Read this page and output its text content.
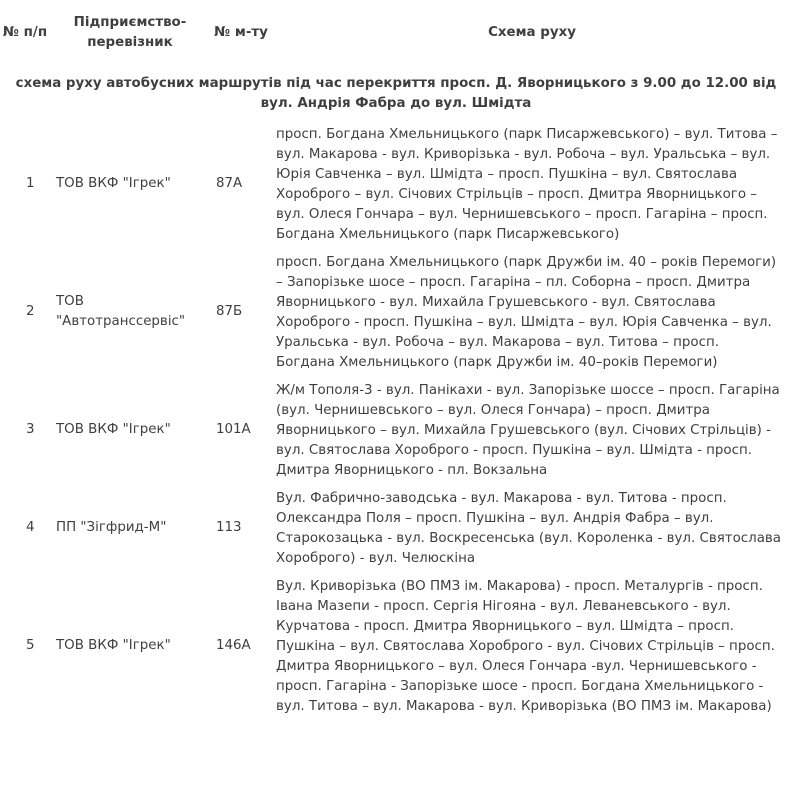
№ п/п	Підприємство-перевізник	№ м-ту	Схема руху
схема руху автобусних маршрутів під час перекриття просп. Д. Яворницького з 9.00 до 12.00 від вул. Андрія Фабра до вул. Шмідта			
1	ТОВ ВКФ "Ігрек"	87А	просп. Богдана Хмельницького (парк Писаржевського) – вул. Титова – вул. Макарова - вул. Криворізька - вул. Робоча – вул. Уральська – вул. Юрія Савченка – вул. Шмідта – просп. Пушкіна – вул. Святослава Хороброго – вул. Січових Стрільців – просп. Дмитра Яворницького – вул. Олеся Гончара – вул. Чернишевського – просп. Гагаріна – просп. Богдана Хмельницького (парк Писаржевського)
2	ТОВ "Автотранссервіс"	87Б	просп. Богдана Хмельницького (парк Дружби ім. 40 – років Перемоги) – Запорізьке шосе – просп. Гагаріна – пл. Соборна – просп. Дмитра Яворницького - вул. Михайла Грушевського - вул. Святослава Хороброго - просп. Пушкіна – вул. Шмідта – вул. Юрія Савченка – вул. Уральська - вул. Робоча – вул. Макарова – вул. Титова – просп. Богдана Хмельницького (парк Дружби ім. 40–років Перемоги)
3	ТОВ ВКФ "Ігрек"	101А	Ж/м Тополя-3 - вул. Панікахи - вул. Запорізьке шоссе – просп. Гагаріна (вул. Чернишевського – вул. Олеся Гончара) – просп. Дмитра Яворницького – вул. Михайла Грушевського (вул. Січових Стрільців) - вул. Святослава Хороброго - просп. Пушкіна – вул. Шмідта - просп. Дмитра Яворницького - пл. Вокзальна
4	ПП "Зігфрид-М"	113	Вул. Фабрично-заводська - вул. Макарова - вул. Титова - просп. Олександра Поля – просп. Пушкіна – вул. Андрія Фабра – вул. Старокозацька - вул. Воскресенська (вул. Короленка - вул. Святослава Хороброго) - вул. Челюскіна
5	ТОВ ВКФ "Ігрек"	146А	Вул. Криворізька (ВО ПМЗ ім. Макарова) - просп. Металургів - просп. Івана Мазепи - просп. Сергія Нігояна - вул. Леваневського - вул. Курчатова - просп. Дмитра Яворницького – вул. Шмідта – просп. Пушкіна – вул. Святослава Хороброго - вул. Січових Стрільців – просп. Дмитра Яворницького – вул. Олеся Гончара -вул. Чернишевського - просп. Гагаріна - Запорізьке шосе - просп. Богдана Хмельницького - вул. Титова – вул. Макарова - вул. Криворізька (ВО ПМЗ ім. Макарова)
